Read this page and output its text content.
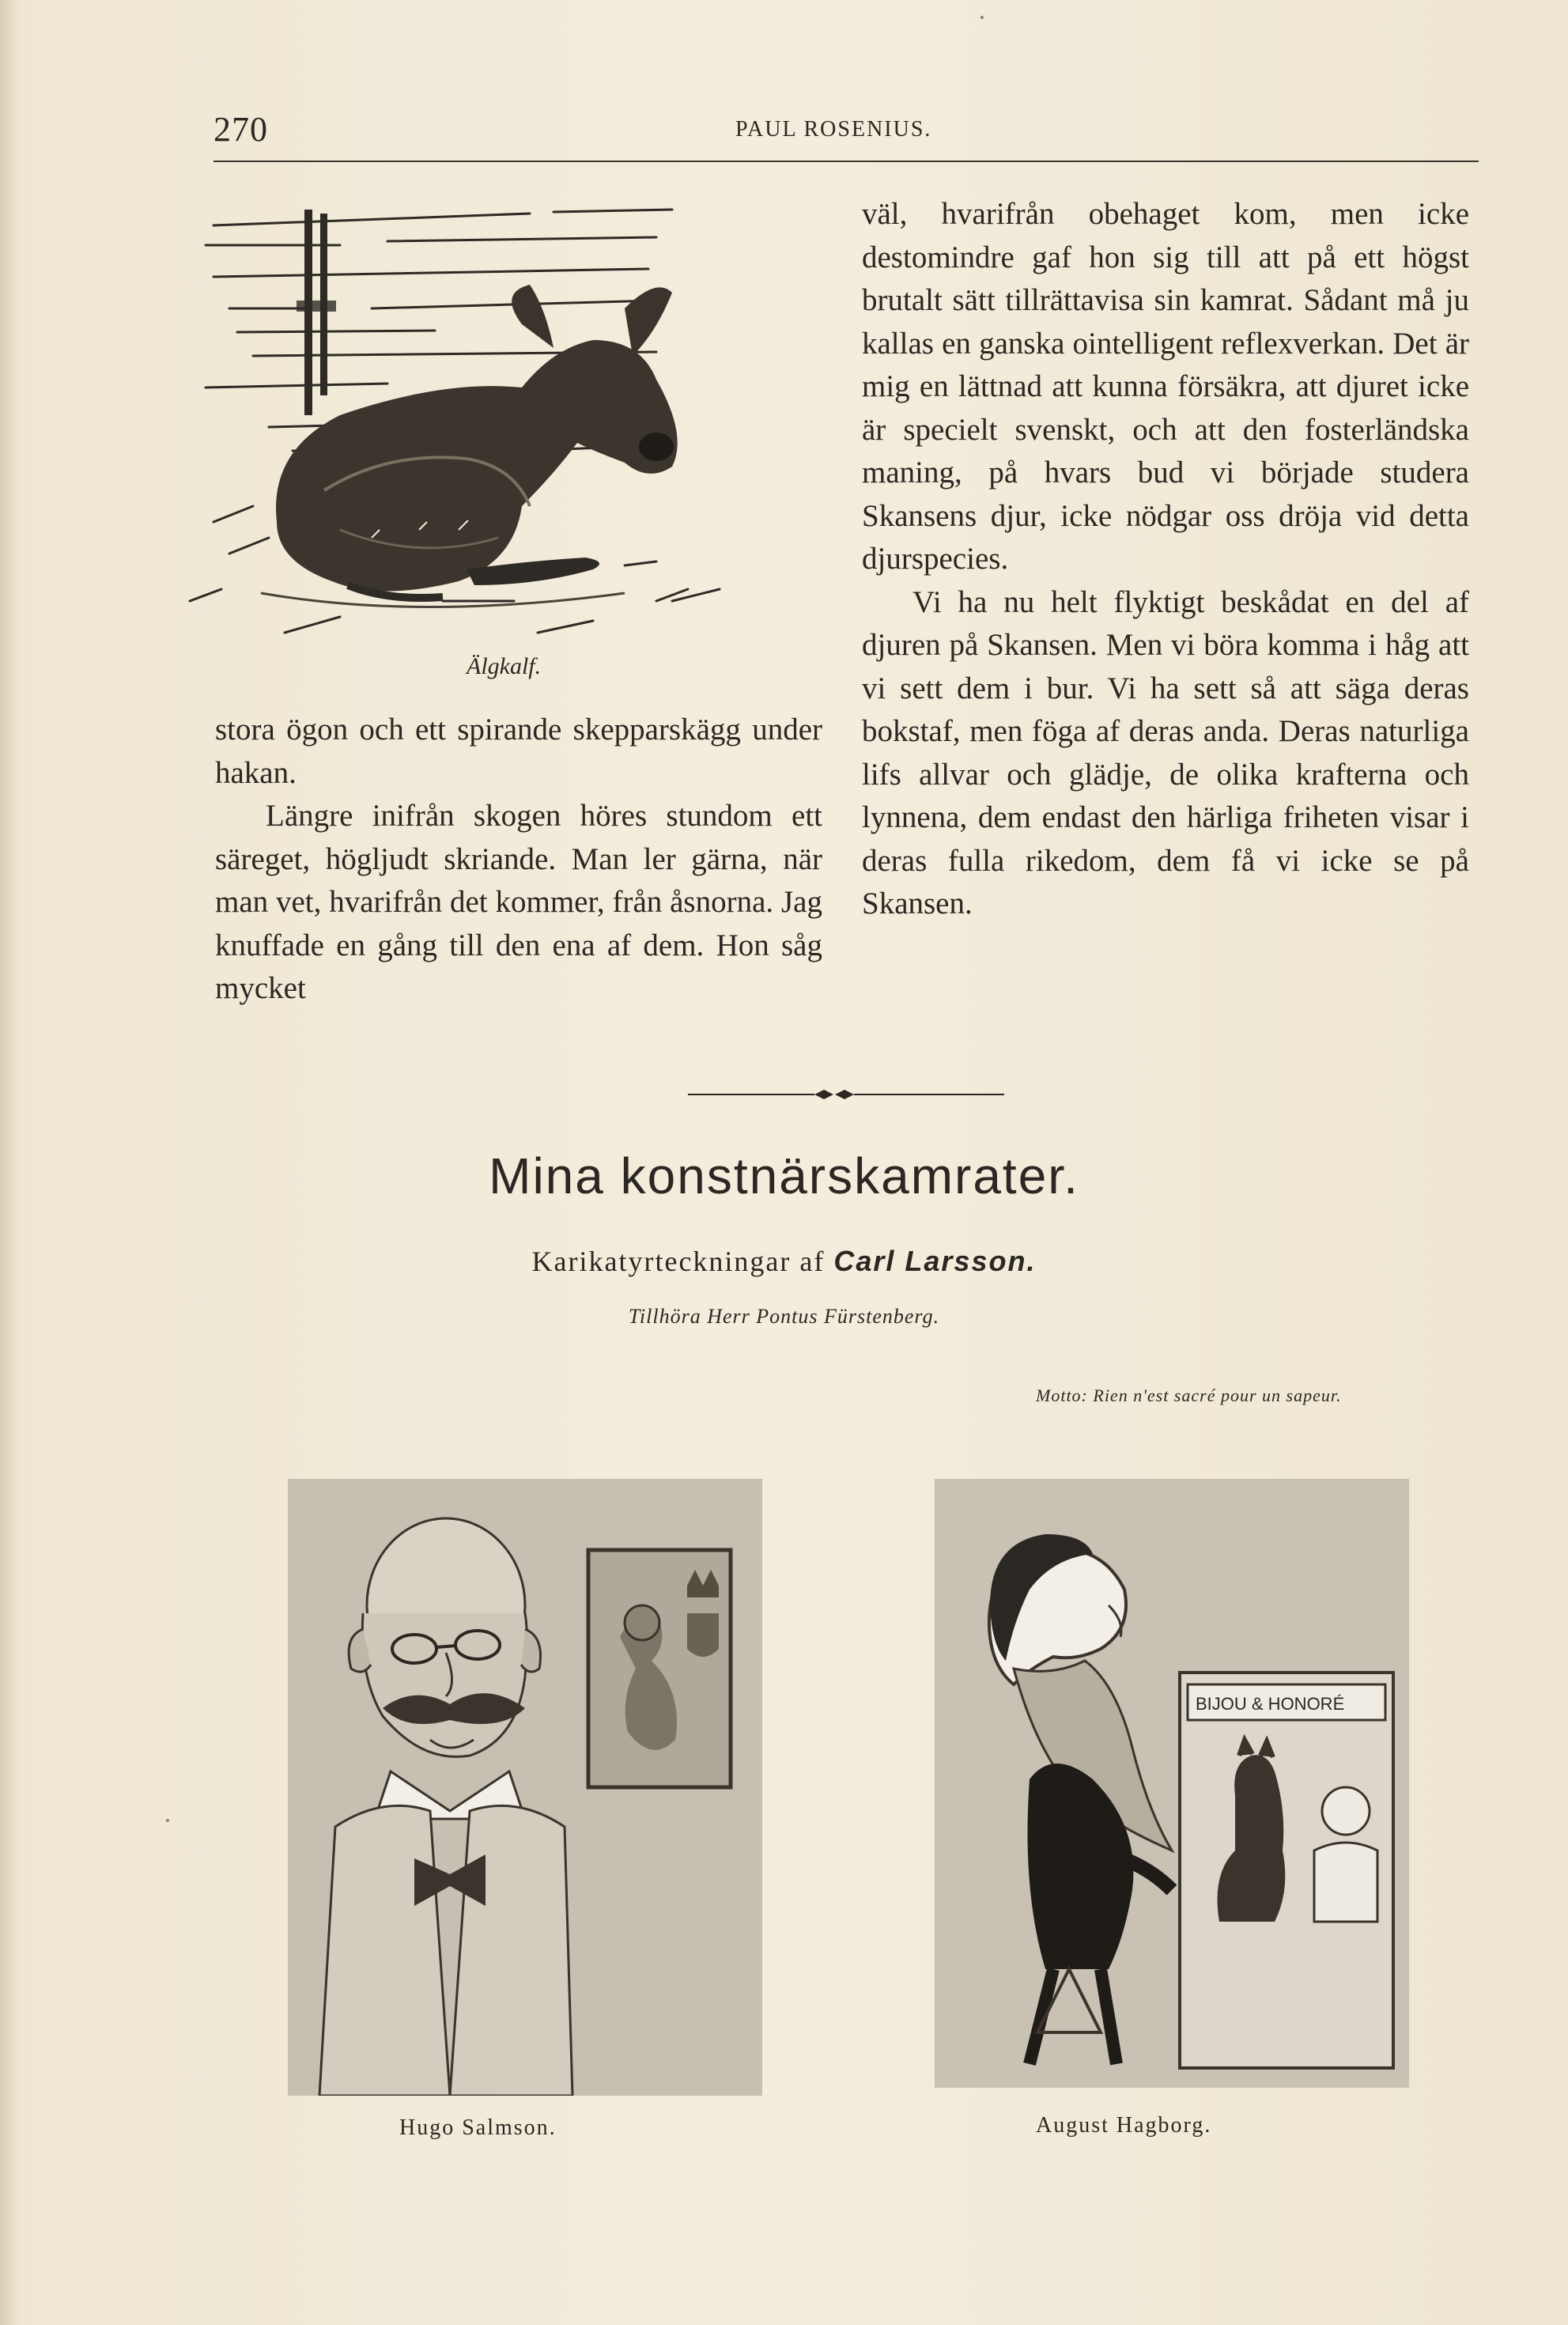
270	PAUL ROSENIUS.
Älgkalf.

stora ögon och ett spirande skepparskägg under hakan.

Längre inifrån skogen höres stundom ett säreget, högljudt skriande. Man ler gärna, när man vet, hvarifrån det kommer, från åsnorna. Jag knuffade en gång till den ena af dem. Hon såg mycket

väl, hvarifrån obehaget kom, men icke destomindre gaf hon sig till att på ett högst brutalt sätt tillrättavisa sin kamrat. Sådant må ju kallas en ganska ointelligent reflexverkan. Det är mig en lättnad att kunna försäkra, att djuret icke är specielt svenskt, och att den fosterländska maning, på hvars bud vi började studera Skansens djur, icke nödgar oss dröja vid detta djurspecies.

Vi ha nu helt flyktigt beskådat en del af djuren på Skansen. Men vi böra komma i håg att vi sett dem i bur. Vi ha sett så att säga deras bokstaf, men föga af deras anda. Deras naturliga lifs allvar och glädje, de olika krafterna och lynnena, dem endast den härliga friheten visar i deras fulla rikedom, dem få vi icke se på Skansen.

Mina konstnärskamrater.
Karikatyrteckningar af Carl Larsson.
Tillhöra Herr Pontus Fürstenberg.
Motto: Rien n'est sacré pour un sapeur.
BIJOU & HONORÉ
Hugo Salmson.	August Hagborg.
